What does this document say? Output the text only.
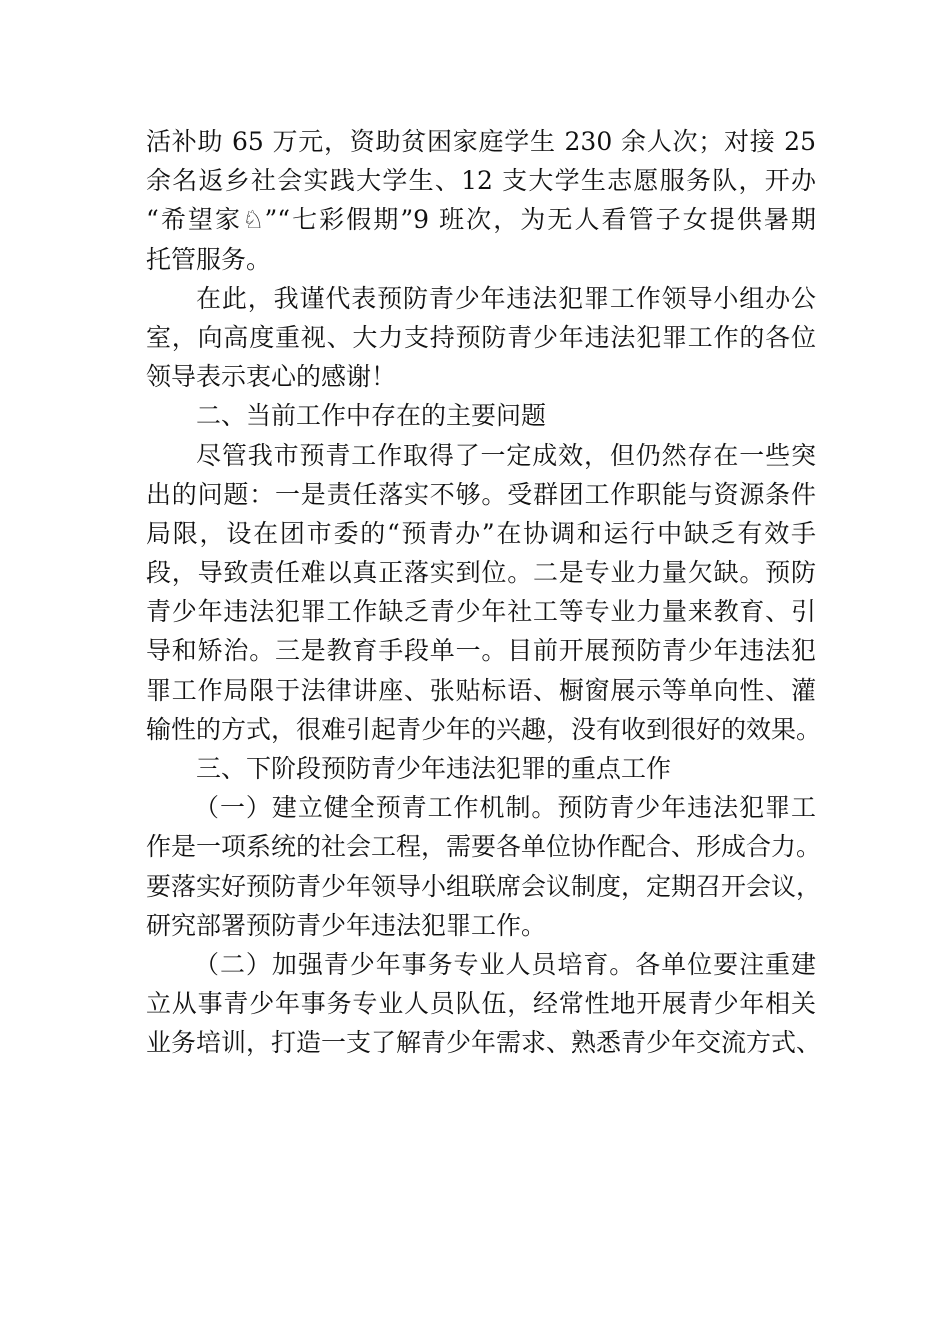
活补助 65 万元，资助贫困家庭学生 230 余人次；对接 25
余名返乡社会实践大学生、12 支大学生志愿服务队，开办
“希望家♘”“七彩假期”9 班次，为无人看管子女提供暑期
托管服务。
在此，我谨代表预防青少年违法犯罪工作领导小组办公
室，向高度重视、大力支持预防青少年违法犯罪工作的各位
领导表示衷心的感谢！
二、当前工作中存在的主要问题
尽管我市预青工作取得了一定成效，但仍然存在一些突
出的问题：一是责任落实不够。受群团工作职能与资源条件
局限，设在团市委的“预青办”在协调和运行中缺乏有效手
段，导致责任难以真正落实到位。二是专业力量欠缺。预防
青少年违法犯罪工作缺乏青少年社工等专业力量来教育、引
导和矫治。三是教育手段单一。目前开展预防青少年违法犯
罪工作局限于法律讲座、张贴标语、橱窗展示等单向性、灌
输性的方式，很难引起青少年的兴趣，没有收到很好的效果。
三、下阶段预防青少年违法犯罪的重点工作
（一）建立健全预青工作机制。预防青少年违法犯罪工
作是一项系统的社会工程，需要各单位协作配合、形成合力。
要落实好预防青少年领导小组联席会议制度，定期召开会议，
研究部署预防青少年违法犯罪工作。
（二）加强青少年事务专业人员培育。各单位要注重建
立从事青少年事务专业人员队伍，经常性地开展青少年相关
业务培训，打造一支了解青少年需求、熟悉青少年交流方式、
